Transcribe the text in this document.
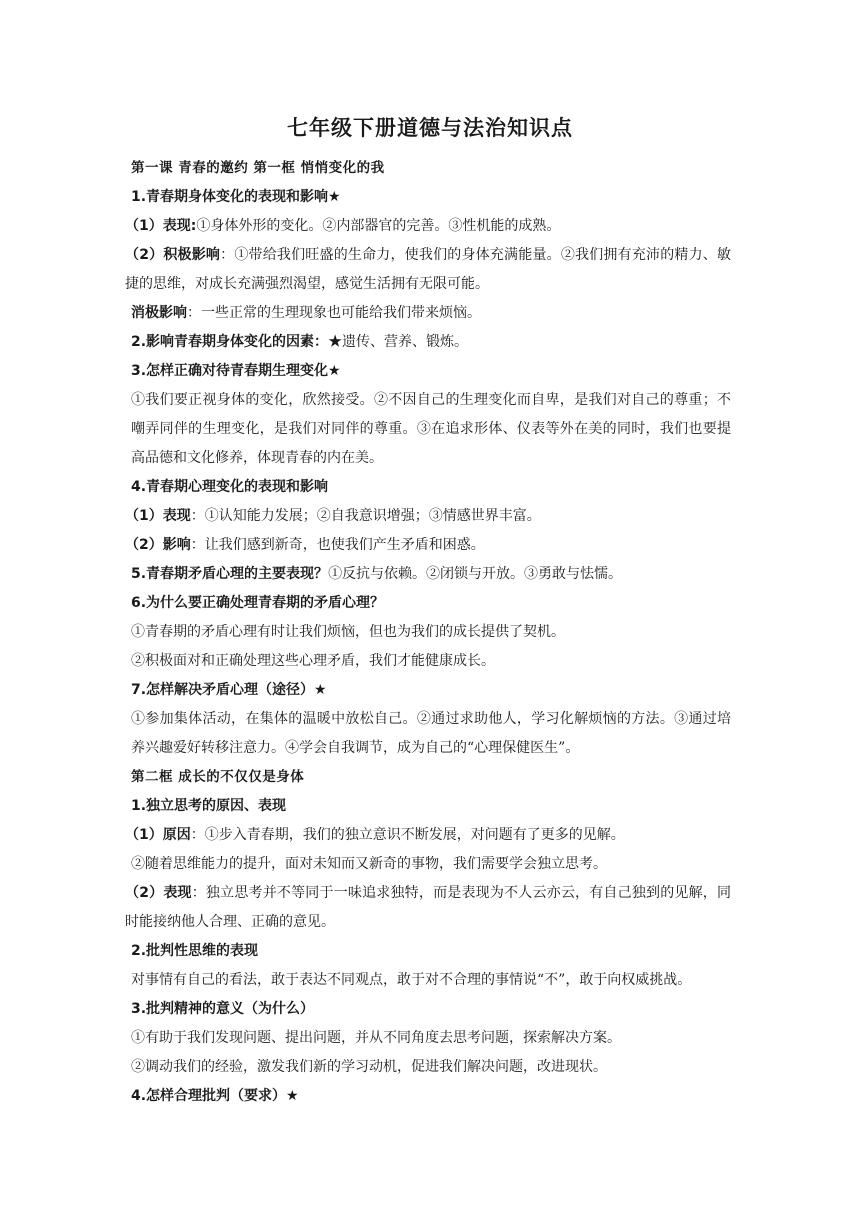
七年级下册道德与法治知识点
第一课 青春的邀约 第一框 悄悄变化的我
1.青春期身体变化的表现和影响★
（1）表现:①身体外形的变化。②内部器官的完善。③性机能的成熟。
（2）积极影响：①带给我们旺盛的生命力，使我们的身体充满能量。②我们拥有充沛的精力、敏捷的思维，对成长充满强烈渴望，感觉生活拥有无限可能。
消极影响：一些正常的生理现象也可能给我们带来烦恼。
2.影响青春期身体变化的因素：★遗传、营养、锻炼。
3.怎样正确对待青春期生理变化★
①我们要正视身体的变化，欣然接受。②不因自己的生理变化而自卑，是我们对自己的尊重；不嘲弄同伴的生理变化，是我们对同伴的尊重。③在追求形体、仪表等外在美的同时，我们也要提高品德和文化修养，体现青春的内在美。
4.青春期心理变化的表现和影响
（1）表现：①认知能力发展；②自我意识增强；③情感世界丰富。
（2）影响：让我们感到新奇，也使我们产生矛盾和困惑。
5.青春期矛盾心理的主要表现？①反抗与依赖。②闭锁与开放。③勇敢与怯懦。
6.为什么要正确处理青春期的矛盾心理？
①青春期的矛盾心理有时让我们烦恼，但也为我们的成长提供了契机。
②积极面对和正确处理这些心理矛盾，我们才能健康成长。
7.怎样解决矛盾心理（途径）★
①参加集体活动，在集体的温暖中放松自己。②通过求助他人，学习化解烦恼的方法。③通过培养兴趣爱好转移注意力。④学会自我调节，成为自己的“心理保健医生”。
第二框 成长的不仅仅是身体
1.独立思考的原因、表现
（1）原因：①步入青春期，我们的独立意识不断发展，对问题有了更多的见解。
②随着思维能力的提升，面对未知而又新奇的事物，我们需要学会独立思考。
（2）表现：独立思考并不等同于一味追求独特，而是表现为不人云亦云，有自己独到的见解，同时能接纳他人合理、正确的意见。
2.批判性思维的表现
对事情有自己的看法，敢于表达不同观点，敢于对不合理的事情说“不”，敢于向权威挑战。
3.批判精神的意义（为什么）
①有助于我们发现问题、提出问题，并从不同角度去思考问题，探索解决方案。
②调动我们的经验，激发我们新的学习动机，促进我们解决问题，改进现状。
4.怎样合理批判（要求）★
